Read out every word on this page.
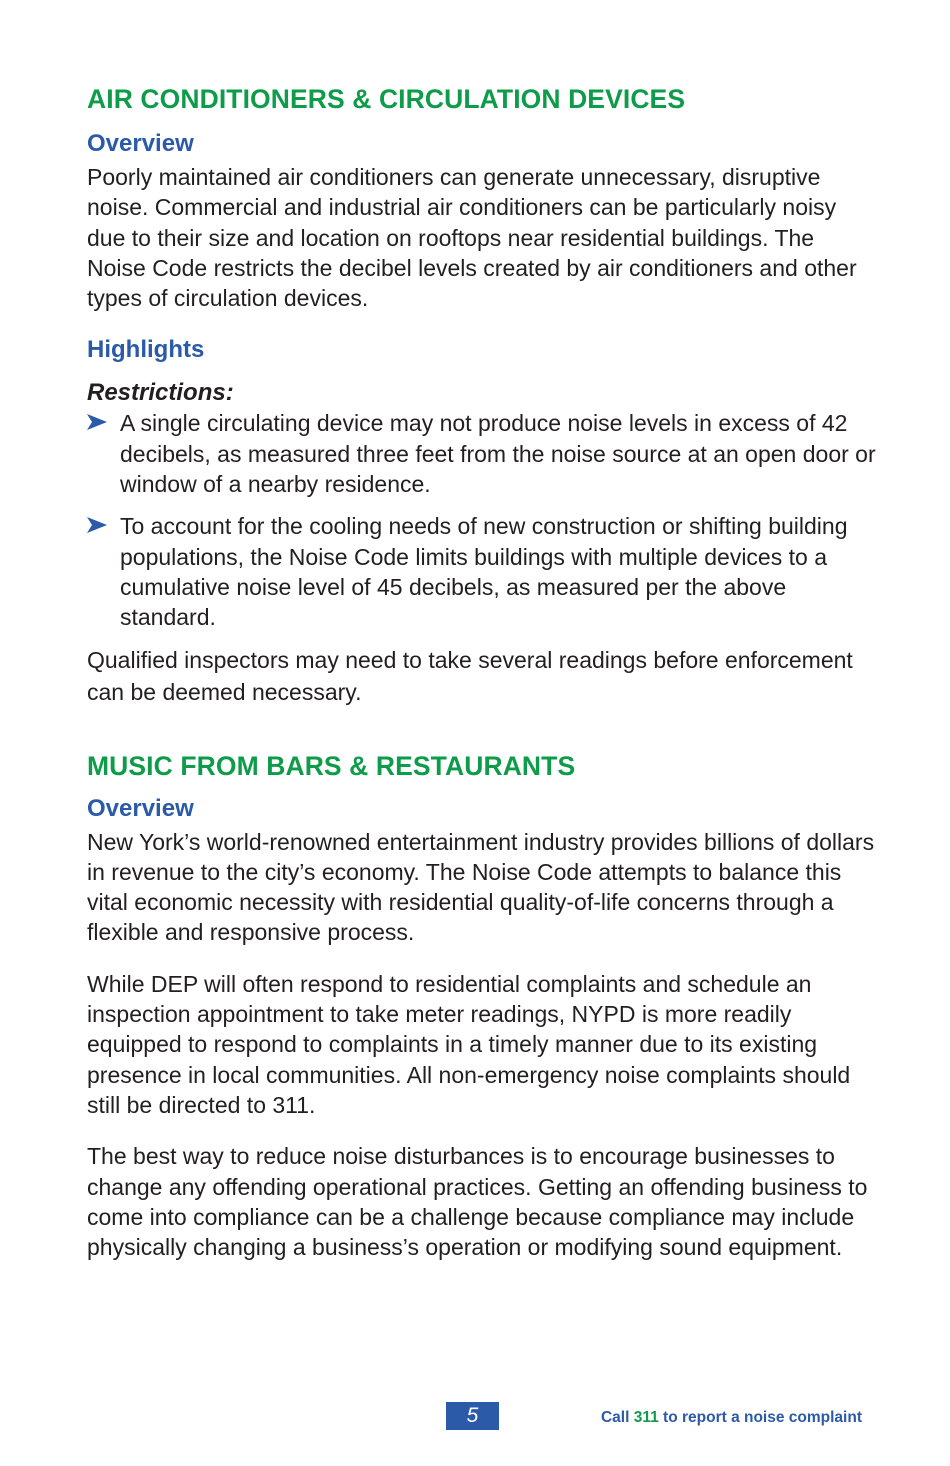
AIR CONDITIONERS & CIRCULATION DEVICES
Overview

Poorly maintained air conditioners can generate unnecessary, disruptive noise. Commercial and industrial air conditioners can be particularly noisy due to their size and location on rooftops near residential buildings. The Noise Code restricts the decibel levels created by air conditioners and other types of circulation devices.

Highlights

Restrictions:

A single circulating device may not produce noise levels in excess of 42 decibels, as measured three feet from the noise source at an open door or window of a nearby residence.

To account for the cooling needs of new construction or shifting building populations, the Noise Code limits buildings with multiple devices to a cumulative noise level of 45 decibels, as measured per the above standard.

Qualified inspectors may need to take several readings before enforcement can be deemed necessary.

MUSIC FROM BARS & RESTAURANTS
Overview

New York’s world-renowned entertainment industry provides billions of dollars in revenue to the city’s economy. The Noise Code attempts to balance this vital economic necessity with residential quality-of-life concerns through a flexible and responsive process.

While DEP will often respond to residential complaints and schedule an inspection appointment to take meter readings, NYPD is more readily equipped to respond to complaints in a timely manner due to its existing presence in local communities. All non-emergency noise complaints should still be directed to 311.

The best way to reduce noise disturbances is to encourage businesses to change any offending operational practices. Getting an offending business to come into compliance can be a challenge because compliance may include physically changing a business’s operation or modifying sound equipment.

5	Call 311 to report a noise complaint
